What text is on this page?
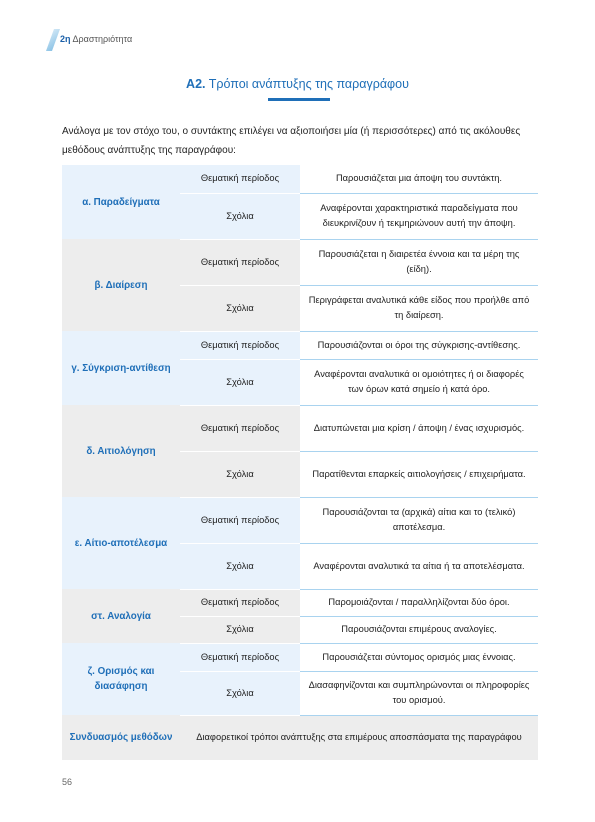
2η Δραστηριότητα
Α2. Τρόποι ανάπτυξης της παραγράφου
Ανάλογα με τον στόχο του, ο συντάκτης επιλέγει να αξιοποιήσει μία (ή περισσότερες) από τις ακόλουθες μεθόδους ανάπτυξης της παραγράφου:
α. Παραδείγματα	Θεματική περίοδος	Παρουσιάζεται μια άποψη του συντάκτη.
	Σχόλια	Αναφέρονται χαρακτηριστικά παραδείγματα που διευκρινίζουν ή τεκμηριώνουν αυτή την άποψη.
β. Διαίρεση	Θεματική περίοδος	Παρουσιάζεται η διαιρετέα έννοια και τα μέρη της (είδη).
	Σχόλια	Περιγράφεται αναλυτικά κάθε είδος που προήλθε από τη διαίρεση.
γ. Σύγκριση-αντίθεση	Θεματική περίοδος	Παρουσιάζονται οι όροι της σύγκρισης-αντίθεσης.
	Σχόλια	Αναφέρονται αναλυτικά οι ομοιότητες ή οι διαφορές των όρων κατά σημείο ή κατά όρο.
δ. Αιτιολόγηση	Θεματική περίοδος	Διατυπώνεται μια κρίση / άποψη / ένας ισχυρισμός.
	Σχόλια	Παρατίθενται επαρκείς αιτιολογήσεις / επιχειρήματα.
ε. Αίτιο-αποτέλεσμα	Θεματική περίοδος	Παρουσιάζονται τα (αρχικά) αίτια και το (τελικό) αποτέλεσμα.
	Σχόλια	Αναφέρονται αναλυτικά τα αίτια ή τα αποτελέσματα.
στ. Αναλογία	Θεματική περίοδος	Παρομοιάζονται / παραλληλίζονται δύο όροι.
	Σχόλια	Παρουσιάζονται επιμέρους αναλογίες.
ζ. Ορισμός και διασάφηση	Θεματική περίοδος	Παρουσιάζεται σύντομος ορισμός μιας έννοιας.
	Σχόλια	Διασαφηνίζονται και συμπληρώνονται οι πληροφορίες του ορισμού.
Συνδυασμός μεθόδων	Διαφορετικοί τρόποι ανάπτυξης στα επιμέρους αποσπάσματα της παραγράφου	
56
